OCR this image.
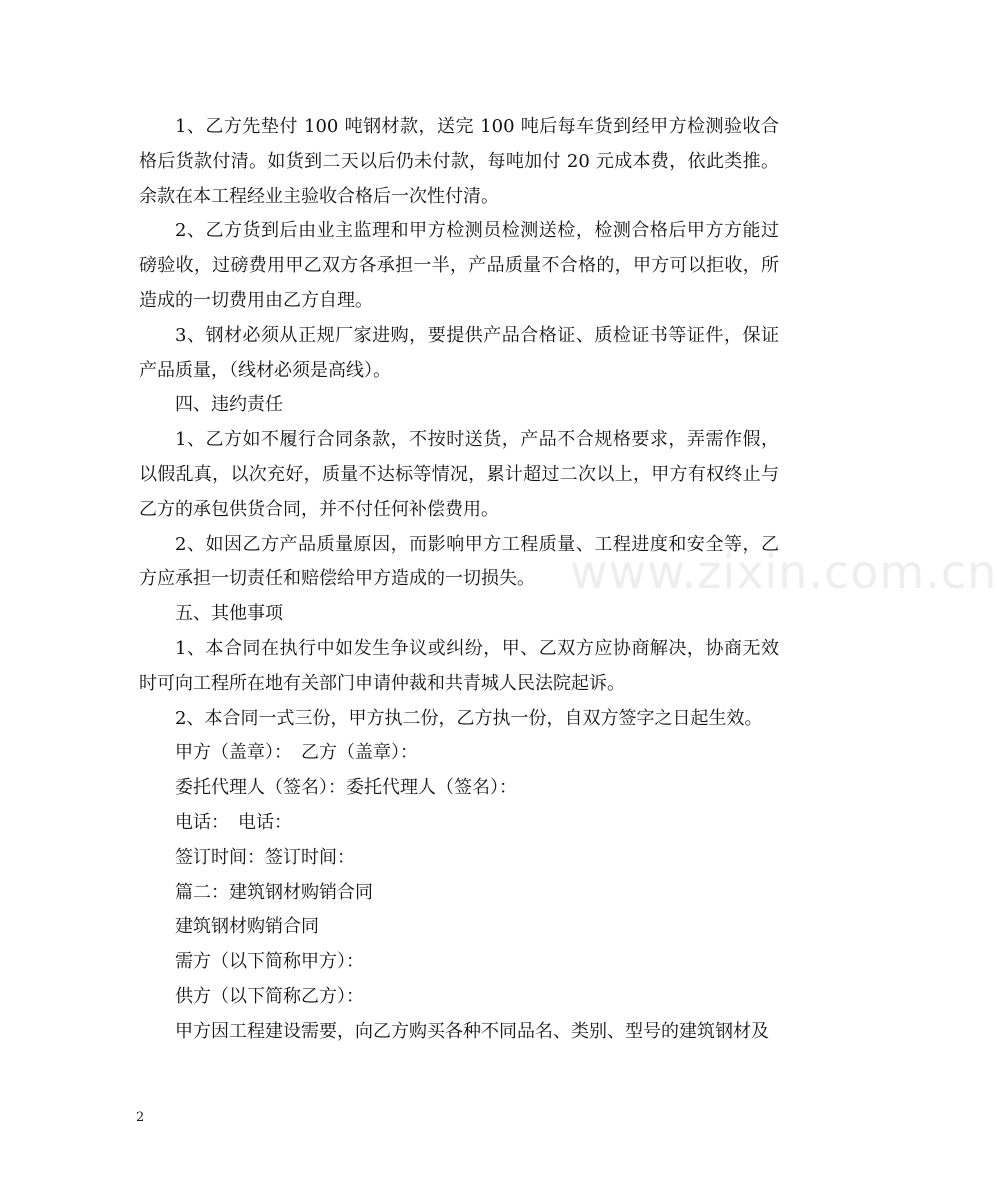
www.zixin.com.cn

1、乙方先垫付 100 吨钢材款，送完 100 吨后每车货到经甲方检测验收合格后货款付清。如货到二天以后仍未付款，每吨加付 20 元成本费，依此类推。余款在本工程经业主验收合格后一次性付清。

2、乙方货到后由业主监理和甲方检测员检测送检，检测合格后甲方方能过磅验收，过磅费用甲乙双方各承担一半，产品质量不合格的，甲方可以拒收，所造成的一切费用由乙方自理。

3、钢材必须从正规厂家进购，要提供产品合格证、质检证书等证件，保证产品质量，（线材必须是高线）。

四、违约责任

1、乙方如不履行合同条款，不按时送货，产品不合规格要求，弄需作假，以假乱真，以次充好，质量不达标等情况，累计超过二次以上，甲方有权终止与乙方的承包供货合同，并不付任何补偿费用。

2、如因乙方产品质量原因，而影响甲方工程质量、工程进度和安全等，乙方应承担一切责任和赔偿给甲方造成的一切损失。

五、其他事项

1、本合同在执行中如发生争议或纠纷，甲、乙双方应协商解决，协商无效时可向工程所在地有关部门申请仲裁和共青城人民法院起诉。

2、本合同一式三份，甲方执二份，乙方执一份，自双方签字之日起生效。

甲方（盖章）：　乙方（盖章）：

委托代理人（签名）：委托代理人（签名）：

电话：　电话：

签订时间：签订时间：

篇二：建筑钢材购销合同

建筑钢材购销合同

需方（以下简称甲方）：

供方（以下简称乙方）：

甲方因工程建设需要，向乙方购买各种不同品名、类别、型号的建筑钢材及

2
